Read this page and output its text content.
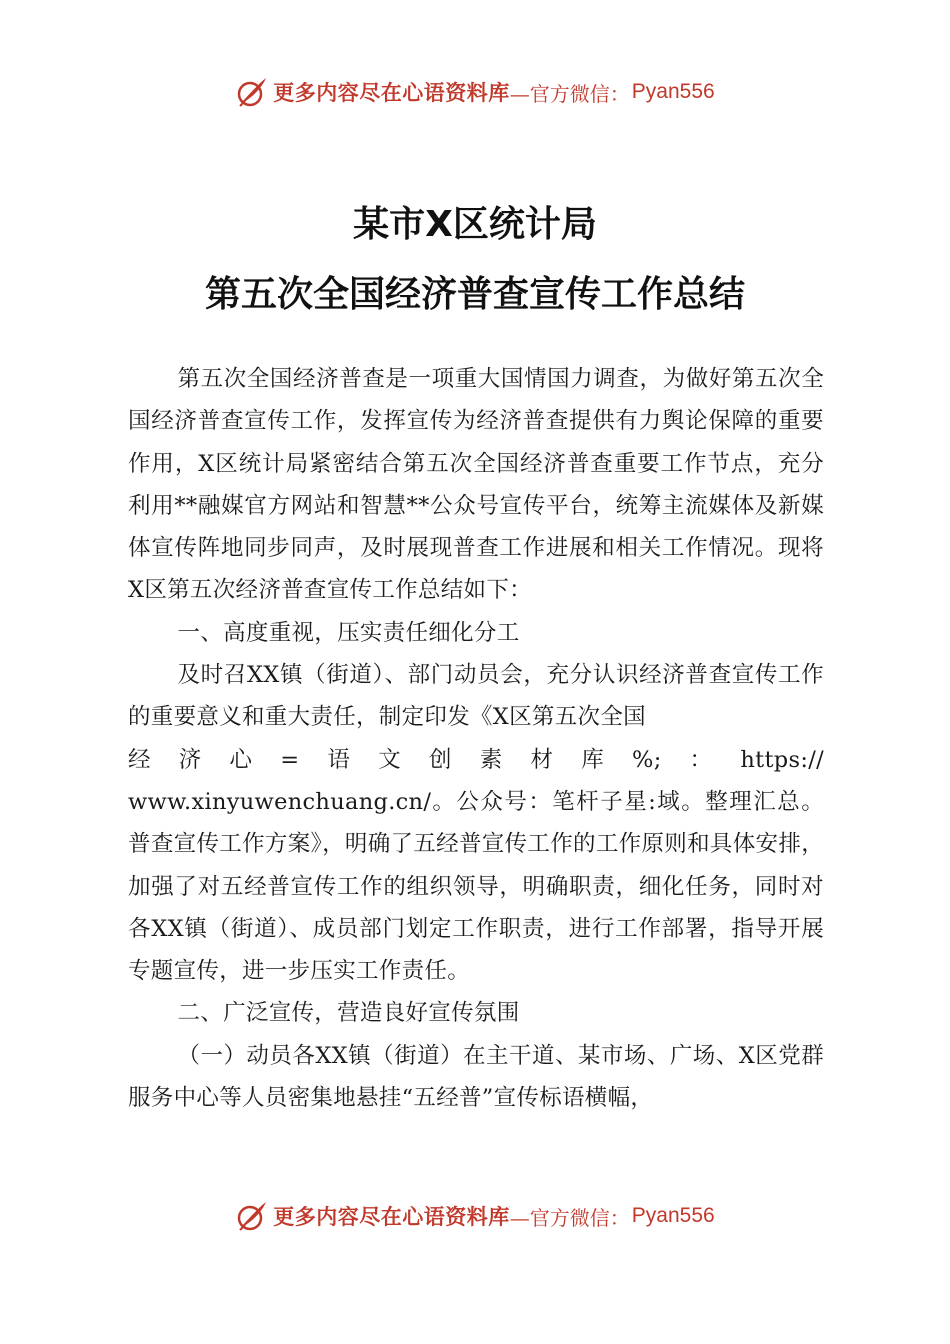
更多内容尽在心语资料库 —官方微信： Pyan556
某市X区统计局
第五次全国经济普查宣传工作总结

第五次全国经济普查是一项重大国情国力调查，为做好第五次全国经济普查宣传工作，发挥宣传为经济普查提供有力舆论保障的重要作用，X区统计局紧密结合第五次全国经济普查重要工作节点，充分利用**融媒官方网站和智慧**公众号宣传平台，统筹主流媒体及新媒体宣传阵地同步同声，及时展现普查工作进展和相关工作情况。现将X区第五次经济普查宣传工作总结如下：

一、高度重视，压实责任细化分工

及时召XX镇（街道）、部门动员会，充分认识经济普查宣传工作的重要意义和重大责任，制定印发《X区第五次全国

经济心=语文创素材库%;：https://

www.xinyuwenchuang.cn/。公众号：笔杆子星:域。整理汇总。普查宣传工作方案》，明确了五经普宣传工作的工作原则和具体安排，加强了对五经普宣传工作的组织领导，明确职责，细化任务，同时对各XX镇（街道）、成员部门划定工作职责，进行工作部署，指导开展专题宣传，进一步压实工作责任。

二、广泛宣传，营造良好宣传氛围

（一）动员各XX镇（街道）在主干道、某市场、广场、X区党群服务中心等人员密集地悬挂“五经普”宣传标语横幅，

更多内容尽在心语资料库 —官方微信： Pyan556
